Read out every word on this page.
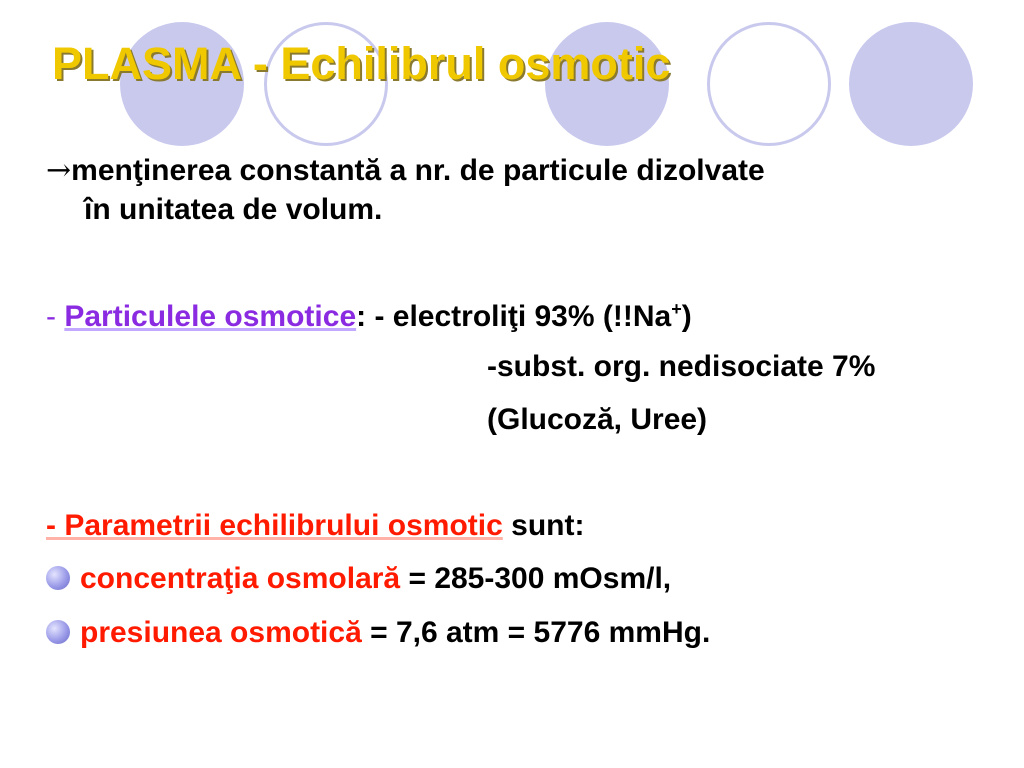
PLASMA - Echilibrul osmotic
→menţinerea constantă a nr. de particule dizolvate
în unitatea de volum.
- Particulele osmotice: - electroliţi 93% (!!Na+)
-subst. org. nedisociate 7%
(Glucoză, Uree)
- Parametrii echilibrului osmotic sunt:
concentraţia osmolară = 285-300 mOsm/l,
presiunea osmotică = 7,6 atm = 5776 mmHg.
